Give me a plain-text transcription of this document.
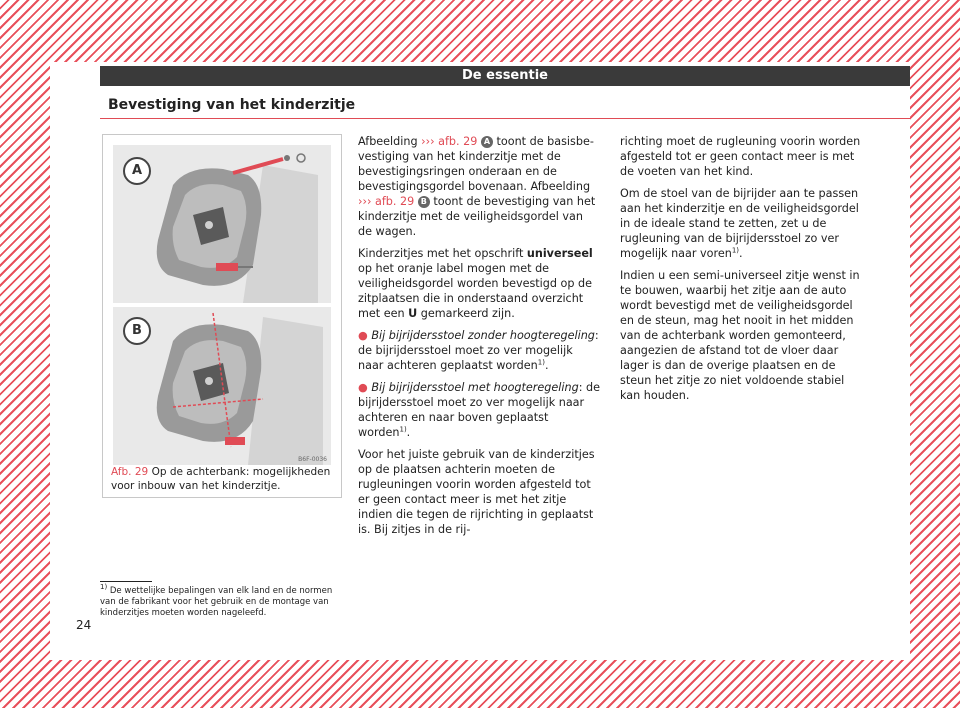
De essentie
Bevestiging van het kinderzitje
A
B
B6F-0036
Afb. 29 Op de achterbank: mogelijkheden voor inbouw van het kinderzitje.

Afbeelding ››› afb. 29 A toont de basisbevestiging van het kinderzitje met de bevestigingsringen onderaan en de bevestigingsgordel bovenaan. Afbeelding ››› afb. 29 B toont de bevestiging van het kinderzitje met de veiligheidsgordel van de wagen.

Kinderzitjes met het opschrift universeel op het oranje label mogen met de veiligheidsgordel worden bevestigd op de zitplaatsen die in onderstaand overzicht met een U gemarkeerd zijn.

● Bij bijrijdersstoel zonder hoogteregeling: de bijrijdersstoel moet zo ver mogelijk naar achteren geplaatst worden$^{1)}$.

● Bij bijrijdersstoel met hoogteregeling: de bijrijdersstoel moet zo ver mogelijk naar achteren en naar boven geplaatst worden$^{1)}$.

Voor het juiste gebruik van de kinderzitjes op de plaatsen achterin moeten de rugleuningen voorin worden afgesteld tot er geen contact meer is met het zitje indien die tegen de rijrichting in geplaatst is. Bij zitjes in de rij-

richting moet de rugleuning voorin worden afgesteld tot er geen contact meer is met de voeten van het kind.

Om de stoel van de bijrijder aan te passen aan het kinderzitje en de veiligheidsgordel in de ideale stand te zetten, zet u de rugleuning van de bijrijdersstoel zo ver mogelijk naar voren$^{1)}$.

Indien u een semi-universeel zitje wenst in te bouwen, waarbij het zitje aan de auto wordt bevestigd met de veiligheidsgordel en de steun, mag het nooit in het midden van de achterbank worden gemonteerd, aangezien de afstand tot de vloer daar lager is dan de overige plaatsen en de steun het zitje zo niet voldoende stabiel kan houden.

$^{1)}$ De wettelijke bepalingen van elk land en de normen van de fabrikant voor het gebruik en de montage van kinderzitjes moeten worden nageleefd.
24
